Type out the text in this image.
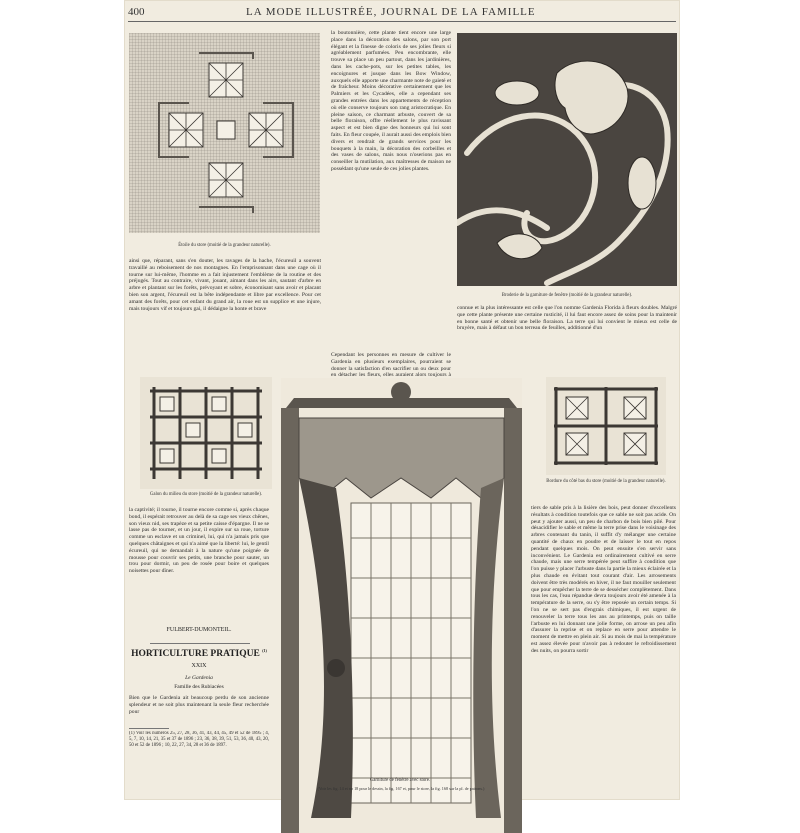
400	LA MODE ILLUSTRÉE, JOURNAL DE LA FAMILLE
Étoile du store (moitié de la grandeur naturelle).
la boutonnière, cette plante tient encore une large place dans la décoration des salons, par son port élégant et la finesse de coloris de ses jolies fleurs si agréablement parfumées. Peu encombrante, elle trouve sa place un peu partout, dans les jardinières, dans les cache-pots, sur les petites tables, les encoignures et jusque dans les Bow Window, auxquels elle apporte une charmante note de gaieté et de fraîcheur. Moins décorative certainement que les Palmiers et les Cycadées, elle a cependant ses grandes entrées dans les appartements de réception où elle conserve toujours son rang aristocratique. En pleine saison, ce charmant arbuste, couvert de sa belle floraison, offre réellement le plus ravissant aspect et est bien digne des honneurs qui lui sont faits. En fleur coupée, il aurait aussi des emplois bien divers et rendrait de grands services pour les bouquets à la main, la décoration des corbeilles et des vases de salons, mais nous n'oserions pas en conseiller la mutilation, aux maîtresses de maison ne possédant qu'une seule de ces jolies plantes.
Broderie de la garniture de fenêtre (moitié de la grandeur naturelle).
ainsi que, réparant, sans s'en douter, les ravages de la hache, l'écureuil a souvent travaillé au reboisement de nos montagnes. En l'emprisonnant dans une cage où il tourne sur lui-même, l'homme en a fait injustement l'emblème de la routine et des préjugés. Tout au contraire, vivant, jouant, aimant dans les airs, sautant d'arbre en arbre et plantant sur les forêts, prévoyant et sobre, économisant sans avoir et placant bien son argent, l'écureuil est la bête indépendante et libre par excellence. Pour cet amant des forêts, pour cet enfant du grand air, la roue est un supplice et une injure, mais toujours vif et toujours gai, il dédaigne la honte et brave
Cependant les personnes en mesure de cultiver le Gardenia en plusieurs exemplaires, pourraient se donner la satisfaction d'en sacrifier un ou deux pour en détacher les fleurs, elles auraient alors toujours à
connue et la plus intéressante est celle que l'on nomme Gardenia Florida à fleurs doubles. Malgré que cette plante présente une certaine rusticité, il lui faut encore assez de soins pour la maintenir en bonne santé et obtenir une belle floraison. La terre qui lui convient le mieux est celle de bruyère, mais à défaut un bon terreau de feuilles, additionné d'un
Galon du milieu du store (moitié de la grandeur naturelle).
Garniture de fenêtre avec store.
(Voir les fig. 14 et no 18 pour le dessin, la fig. 167 et, pour le store, la fig. 168 sur la pl. de patrons.)
Bordure du côté bas du store (moitié de la grandeur naturelle).
la captivité; il tourne, il tourne encore comme si, après chaque bond, il espérait retrouver au delà de sa cage ses vieux chênes, son vieux nid, ses trapèze et sa petite caisse d'épargne. Il ne se lasse pas de tourner, et un jour, il expire sur sa roue, torture comme un esclave et un criminel, lui, qui n'a jamais pris que quelques châtaignes et qui n'a aimé que la liberté: lui, le gentil écureuil, qui ne demandait à la nature qu'une poignée de mousse pour couvrir ses petits, une branche pour sauter, un trou pour dormir, un peu de rosée pour boire et quelques noisettes pour dîner.
FULBERT-DUMONTEIL.
HORTICULTURE PRATIQUE $^{(1)}$
XXIX
Le Gardenia
Famille des Rubiacées
Bien que le Gardenia ait beaucoup perdu de son ancienne splendeur et ne soit plus maintenant la seule fleur recherchée pour
(1) Voir les numéros 25, 27, 28, 36, 41, 43, 44, 45, 49 et 52 de 1895 ; 4, 5, 7, 10, 14, 21, 35 et 37 de 1896 ; 23, 36, 38, 39, 51, 53, 36, 40, 43, 20, 50 et 52 de 1896 ; 10, 22, 27, 34, 28 et 36 de 1897.
tiers de sable pris à la lisière des bois, peut donner d'excellents résultats à condition toutefois que ce sable ne soit pas acide. On peut y ajouter aussi, un peu de charbon de bois bien pilé. Pour désacidifier le sable et même la terre prise dans le voisinage des arbres contenant du tanin, il suffit d'y mélanger une certaine quantité de chaux en poudre et de laisser le tout en repos pendant quelques mois. On peut ensuite s'en servir sans inconvénient. Le Gardenia est ordinairement cultivé en serre chaude, mais une serre tempérée peut suffire à condition que l'on puisse y placer l'arbuste dans la partie la mieux éclairée et la plus chaude en évitant tout courant d'air. Les arrosements doivent être très modérés en hiver, il ne faut mouiller seulement que pour empêcher la terre de se dessécher complètement. Dans tous les cas, l'eau répandue devra toujours avoir été amenée à la température de la serre, ou s'y être reposée un certain temps. Si l'on ne se sert pas d'engrais chimiques, il est urgent de renouveler la terre tous les ans au printemps, puis on taille l'arbuste en lui donnant une jolie forme, on arrose un peu afin d'assurer la reprise et on replace en serre pour attendre le moment de mettre en plein air. Si au mois de mai la température est assez élevée pour n'avoir pas à redouter le refroidissement des nuits, on pourra sortir
